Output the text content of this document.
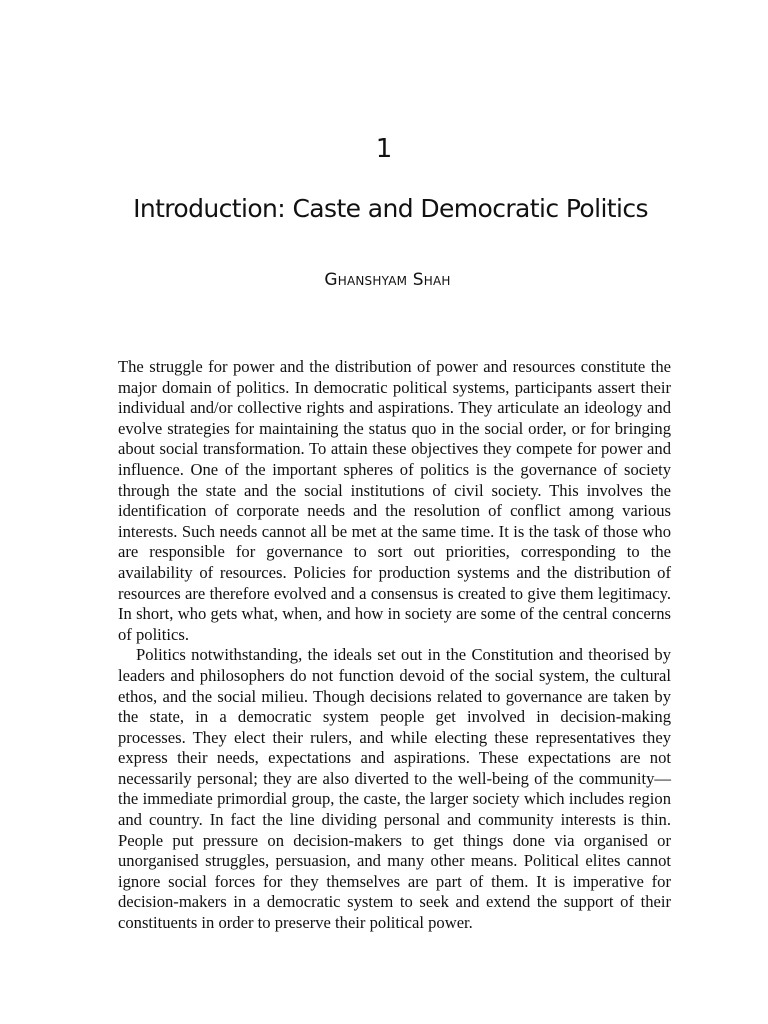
1
Introduction: Caste and Democratic Politics
Ghanshyam Shah

The struggle for power and the distribution of power and resources constitute the major domain of politics. In democratic political systems, participants assert their individual and/or collective rights and aspirations. They articulate an ideology and evolve strategies for maintaining the status quo in the social order, or for bringing about social transformation. To attain these objectives they compete for power and influence. One of the important spheres of politics is the governance of society through the state and the social institutions of civil society. This involves the identification of corporate needs and the resolution of conflict among various interests. Such needs cannot all be met at the same time. It is the task of those who are responsible for governance to sort out priorities, corresponding to the availability of resources. Policies for production systems and the distribution of resources are therefore evolved and a consensus is created to give them legitimacy. In short, who gets what, when, and how in society are some of the central concerns of politics.

Politics notwithstanding, the ideals set out in the Constitution and theorised by leaders and philosophers do not function devoid of the social system, the cultural ethos, and the social milieu. Though decisions related to governance are taken by the state, in a democratic system people get involved in decision-making processes. They elect their rulers, and while electing these representatives they express their needs, expectations and aspirations. These expectations are not necessarily personal; they are also diverted to the well-being of the community—the immediate primordial group, the caste, the larger society which includes region and country. In fact the line dividing personal and community interests is thin. People put pressure on decision-makers to get things done via organised or unorganised struggles, persuasion, and many other means. Political elites cannot ignore social forces for they themselves are part of them. It is imperative for decision-makers in a democratic system to seek and extend the support of their constituents in order to preserve their political power.
